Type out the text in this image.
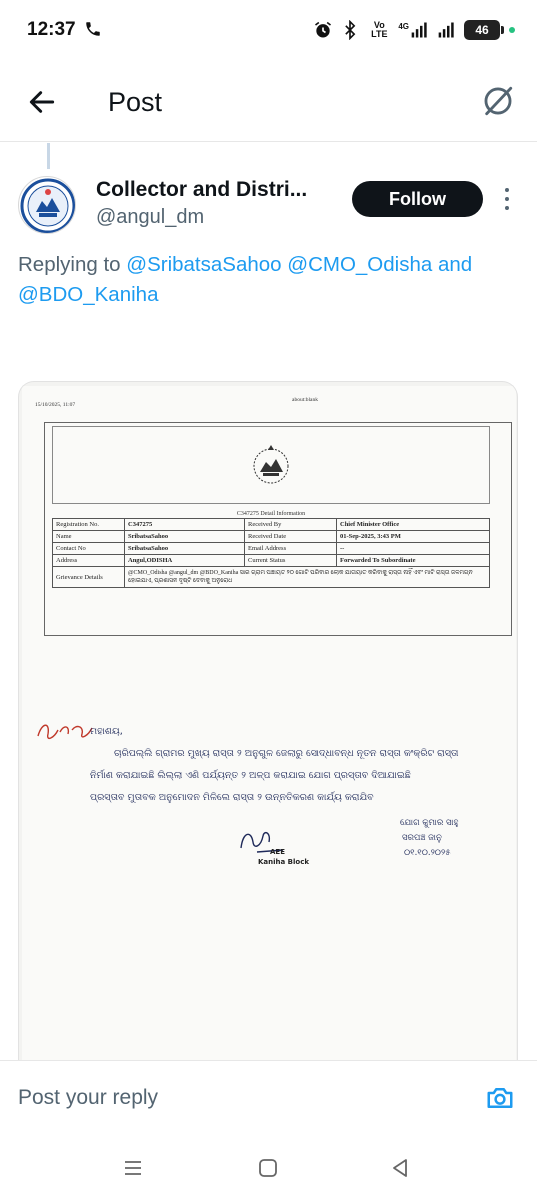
12:37	Vo
LTE
4G	46
Post
Collector and Distri...
@angul_dm
Follow
Replying to @SribatsaSahoo @CMO_Odisha and
@BDO_Kaniha
15/10/2025, 11:07
about:blank
C347275 Detail Information
Registration No.	C347275	Received By	Chief Minister Office
Name	SribatsaSahoo	Received Date	01-Sep-2025, 3:43 PM
Contact No	SribatsaSahoo	Email Address	--
Address	Angul,ODISHA	Current Status	Forwarded To Subordinate
Grievance Details	@CMO_Odisha @angul_dm @BDO_Kaniha ସାର ଗ୍ରାମ ପଞ୍ଚାୟତ ୨୦ ଗୋଟି ପରିବାର ଲୋକ ଯାତାୟାତ କରିବାକୁ ରାସ୍ତା ନାହିଁ ଏବଂ ମାଟି ରାସ୍ତା ଜଳମଗ୍ନ ହୋଇଯାଏ, ପ୍ରଶାସନ ଦୃଷ୍ଟି ଦେବାକୁ ଅନୁରୋଧ		
ମହାଶୟ,
ଚାରିପଲ୍ଲି ଗ୍ରାମର ମୁଖ୍ୟ ରାସ୍ତା ୨ ଅନୁଗୁଳ ଜେଲାରୁ ସୋଦ୍ଧାବନ୍ଧ ନୂତନ ରାସ୍ତା କଂକ୍ରିଟ ରାସ୍ତା
ନିର୍ମାଣ କରାଯାଇଛି ଲିଲ୍ଲା ଏଣି ପର୍ଯ୍ୟନ୍ତ ୨ ଅଳ୍ପ କରାଯାଇ ଯୋଗ ପ୍ରସ୍ତାବ ଦିଆଯାଇଛି
ପ୍ରସ୍ତାବ ମୁତାବକ ଅନୁମୋଦନ ମିଳିଲେ ରାସ୍ତା ୨ ଉନ୍ନତିକରଣ କାର୍ଯ୍ୟ କରାଯିବ
ଯୋଗ କୁମାର ସାହୁ
ସରପଞ୍ଚ ଜାନୁ
୦୧.୧୦.୨୦୨୫
AEE
Kaniha Block
Post your reply
